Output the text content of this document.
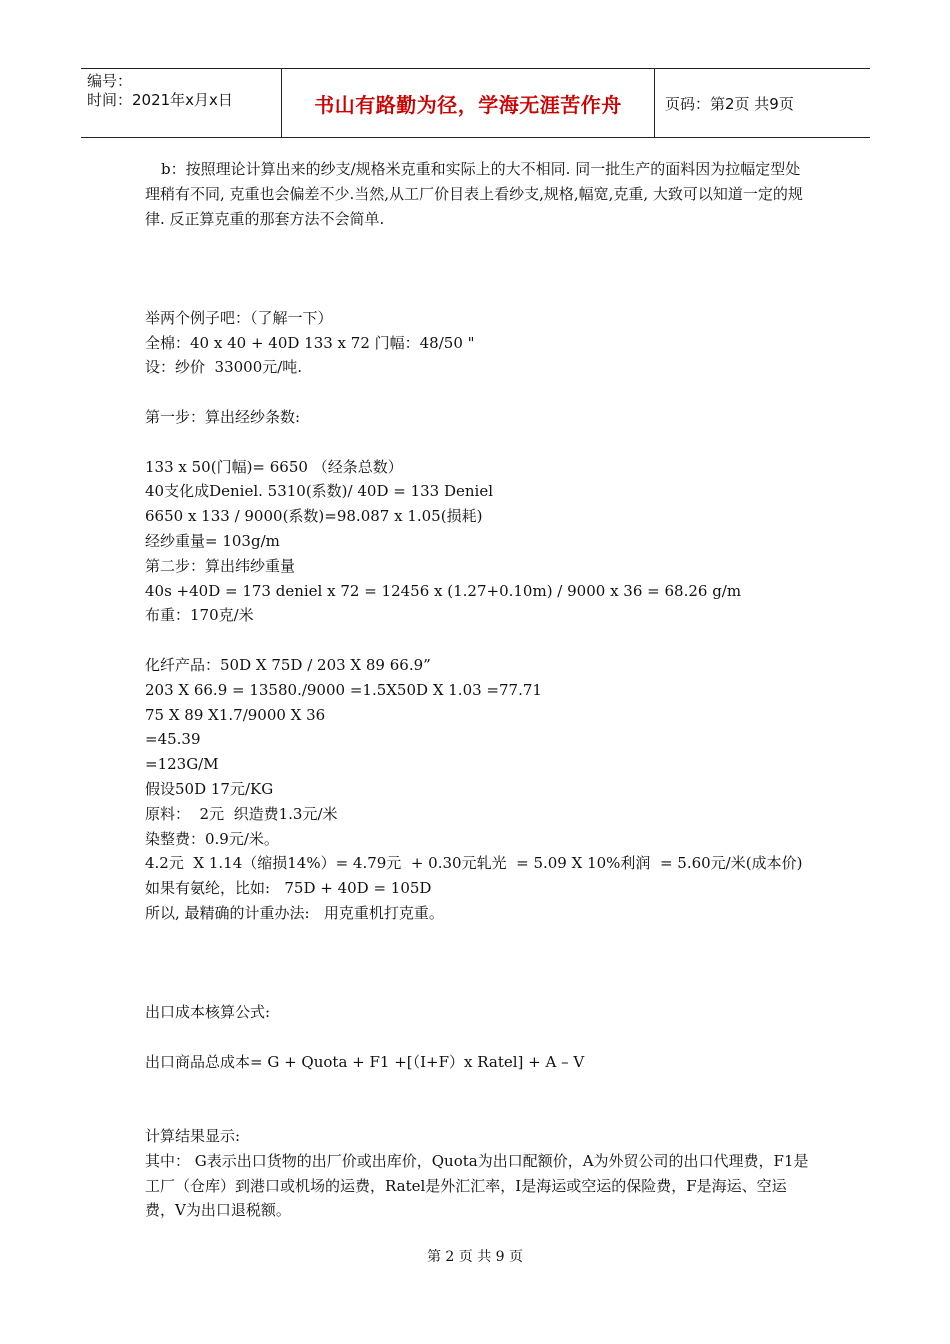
编号：
时间：2021年x月x日	书山有路勤为径，学海无涯苦作舟	页码：第2页 共9页

b：按照理论计算出来的纱支/规格米克重和实际上的大不相同. 同一批生产的面料因为拉幅定型处理稍有不同, 克重也会偏差不少.当然,从工厂价目表上看纱支,规格,幅宽,克重, 大致可以知道一定的规律. 反正算克重的那套方法不会简单.

举两个例子吧：（了解一下）
全棉：40 x 40 + 40D 133 x 72 门幅：48/50 "
设：纱价  33000元/吨.
第一步：算出经纱条数:
133 x 50(门幅)= 6650 （经条总数）
40支化成Deniel. 5310(系数)/ 40D = 133 Deniel
6650 x 133 / 9000(系数)=98.087 x 1.05(损耗)
经纱重量= 103g/m
第二步：算出纬纱重量
40s +40D = 173 deniel x 72 = 12456 x (1.27+0.10m) / 9000 x 36 = 68.26 g/m
布重：170克/米
化纤产品：50D X 75D / 203 X 89 66.9”
203 X 66.9 = 13580./9000 =1.5X50D X 1.03 =77.71
75 X 89 X1.7/9000 X 36
=45.39
=123G/M
假设50D 17元/KG
原料：  2元  织造费1.3元/米
染整费：0.9元/米。
4.2元  X 1.14（缩损14%）= 4.79元  + 0.30元轧光  = 5.09 X 10%利润  = 5.60元/米(成本价)
如果有氨纶，比如:   75D + 40D = 105D
所以, 最精确的计重办法:   用克重机打克重。
出口成本核算公式:
出口商品总成本= G + Quota + F1 +[（I+F）x Ratel] + A – V
计算结果显示:

其中： G表示出口货物的出厂价或出库价，Quota为出口配额价，A为外贸公司的出口代理费，F1是工厂（仓库）到港口或机场的运费，Ratel是外汇汇率，I是海运或空运的保险费，F是海运、空运费，V为出口退税额。

第 2 页 共 9 页
